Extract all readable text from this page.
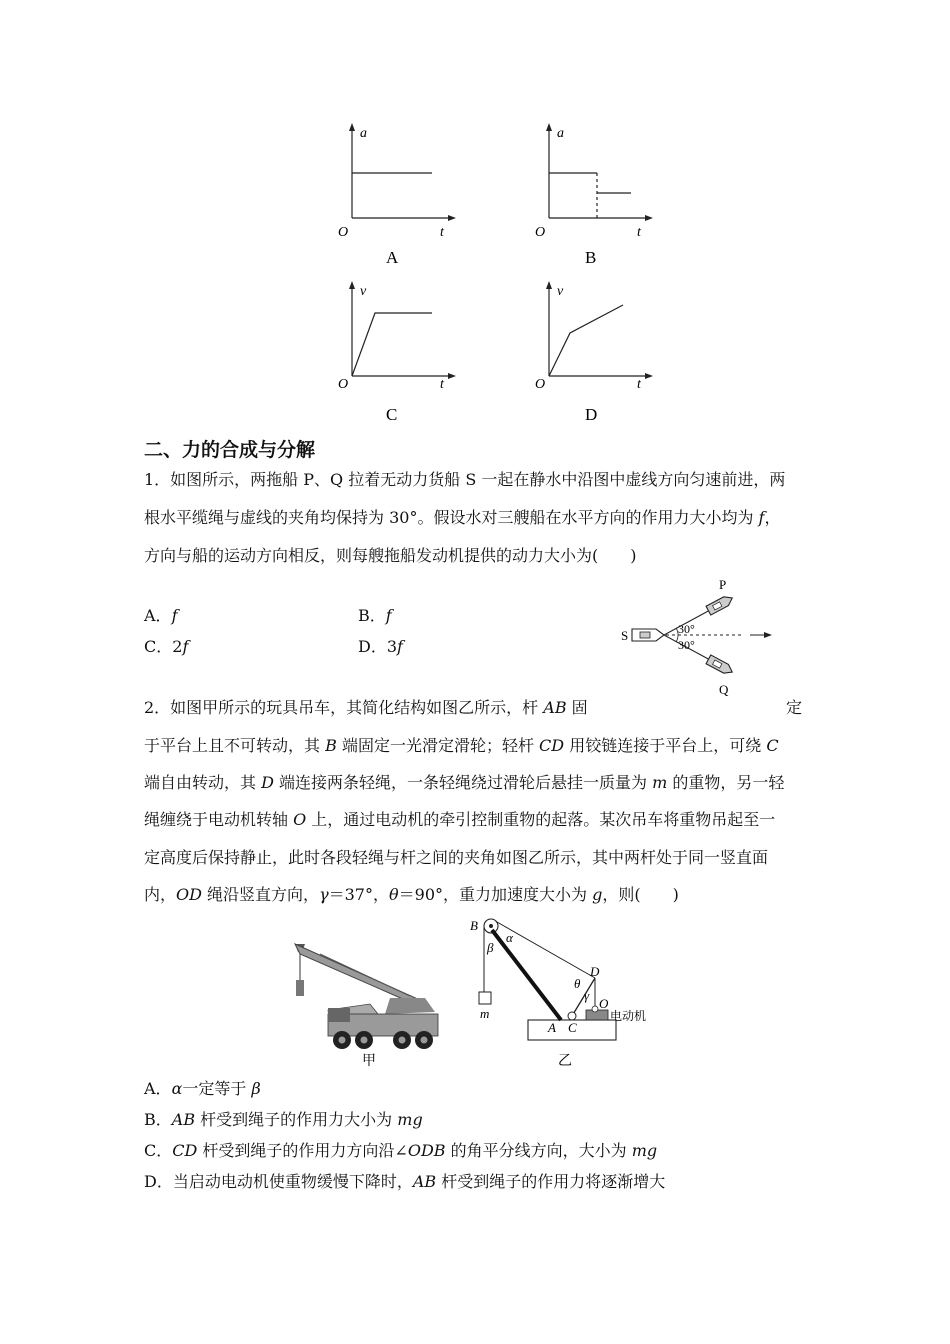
a
t
O
A
a
t
O
B
v
t
O
C
v
t
O
D
二、力的合成与分解
1．如图所示，两拖船 P、Q 拉着无动力货船 S 一起在静水中沿图中虚线方向匀速前进，两
根水平缆绳与虚线的夹角均保持为 30°。假设水对三艘船在水平方向的作用力大小均为 f，
方向与船的运动方向相反，则每艘拖船发动机提供的动力大小为(　　)
A．f	B．f
C．2f	D．3f
S
P
Q
30°
30°
2．如图甲所示的玩具吊车，其简化结构如图乙所示，杆 AB 固	定
于平台上且不可转动，其 B 端固定一光滑定滑轮；轻杆 CD 用铰链连接于平台上，可绕 C
端自由转动，其 D 端连接两条轻绳，一条轻绳绕过滑轮后悬挂一质量为 m 的重物，另一轻
绳缠绕于电动机转轴 O 上，通过电动机的牵引控制重物的起落。某次吊车将重物吊起至一
定高度后保持静止，此时各段轻绳与杆之间的夹角如图乙所示，其中两杆处于同一竖直面
内，OD 绳沿竖直方向，γ＝37°，θ＝90°，重力加速度大小为 g，则(　　)
甲
B
α
β
m
D
θ
γ
O
电动机
A C
乙
A．α一定等于 β
B．AB 杆受到绳子的作用力大小为 mg
C．CD 杆受到绳子的作用力方向沿∠ODB 的角平分线方向，大小为 mg
D．当启动电动机使重物缓慢下降时，AB 杆受到绳子的作用力将逐渐增大
